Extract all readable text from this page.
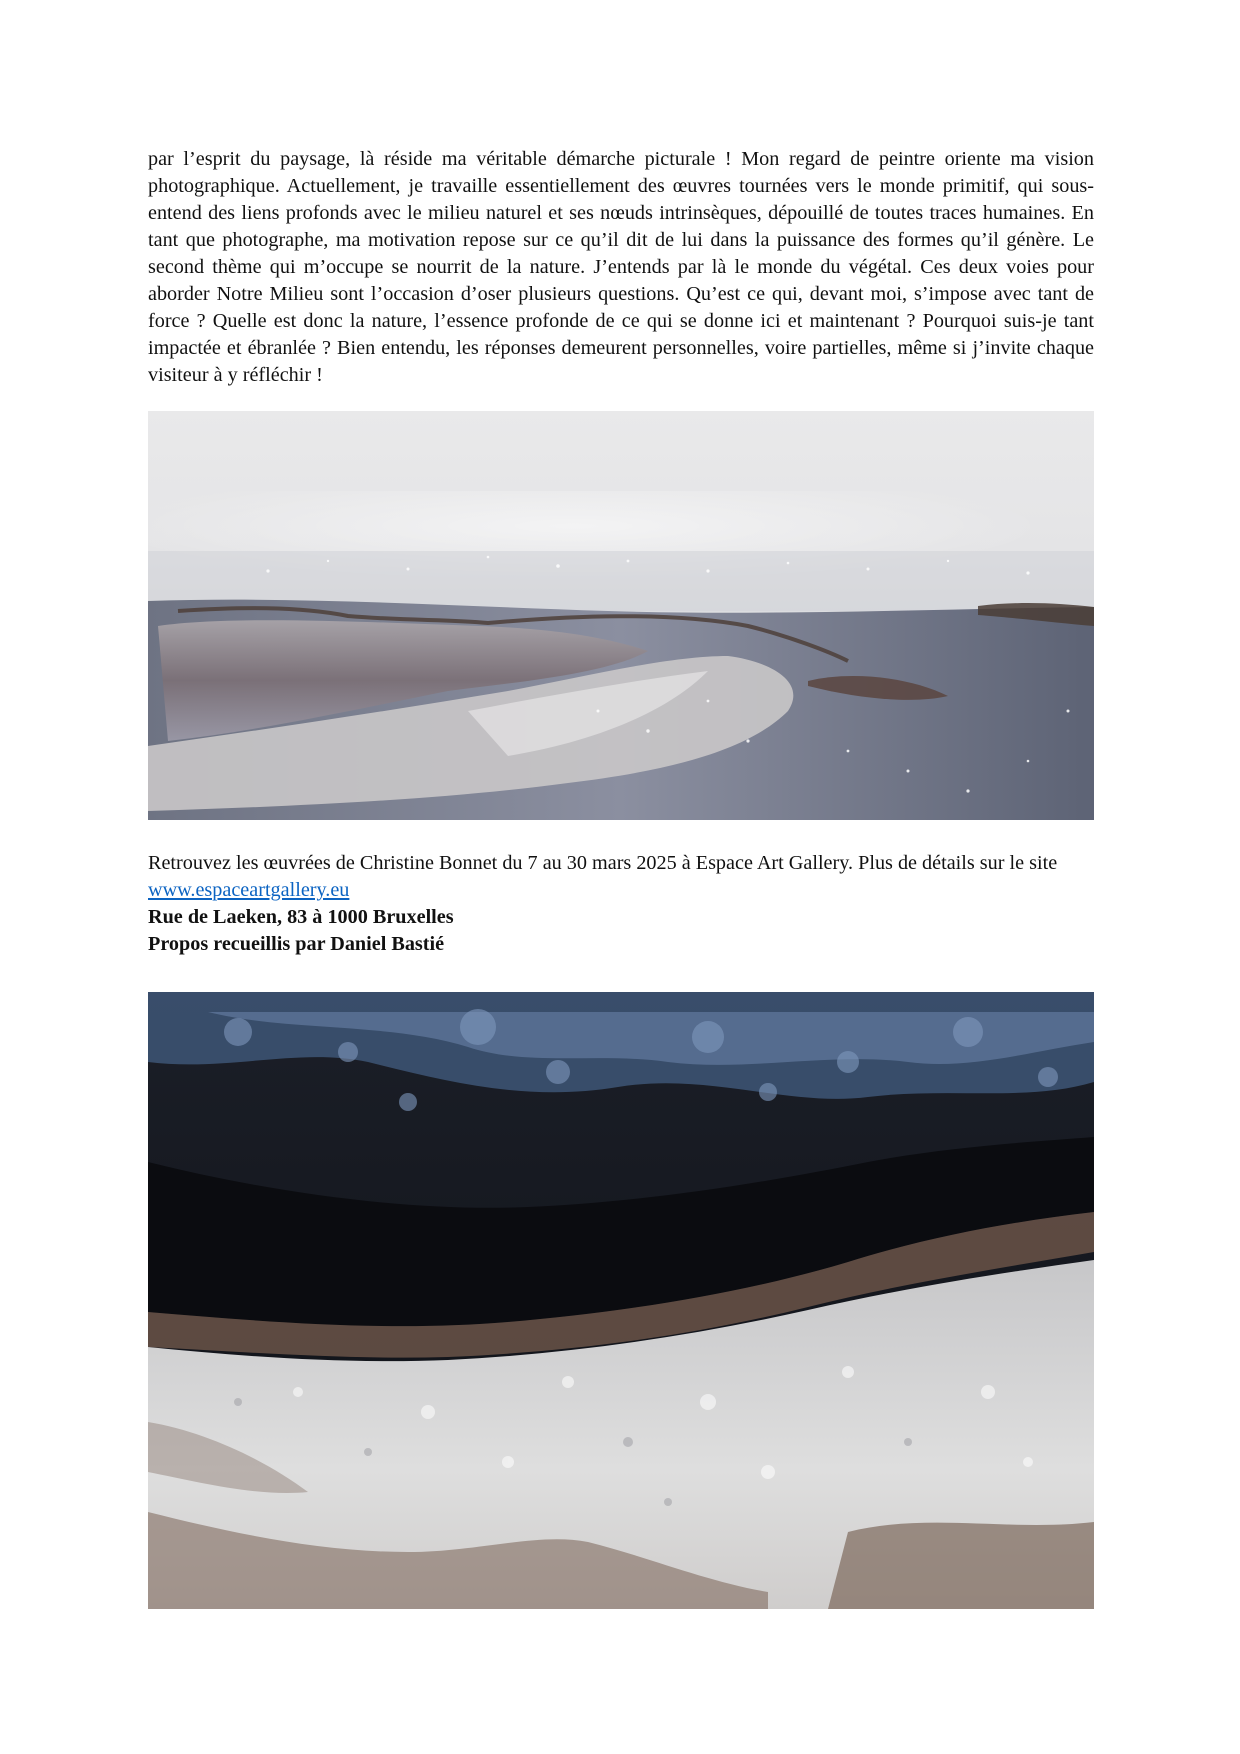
par l’esprit du paysage, là réside ma véritable démarche picturale ! Mon regard de peintre oriente ma vision photographique. Actuellement, je travaille essentiellement des œuvres tournées vers le monde primitif, qui sous-entend des liens profonds avec le milieu naturel et ses nœuds intrinsèques, dépouillé de toutes traces humaines. En tant que photographe, ma motivation repose sur ce qu’il dit de lui dans la puissance des formes qu’il génère. Le second thème qui m’occupe se nourrit de la nature. J’entends par là le monde du végétal. Ces deux voies pour aborder Notre Milieu sont l’occasion d’oser plusieurs questions. Qu’est ce qui, devant moi, s’impose avec tant de force ? Quelle est donc la nature, l’essence profonde de ce qui se donne ici et maintenant ? Pourquoi suis-je tant impactée et ébranlée ? Bien entendu, les réponses demeurent personnelles, voire partielles, même si j’invite chaque visiteur à y réfléchir !

Retrouvez les œuvrées de Christine Bonnet du 7 au 30 mars 2025 à Espace Art Gallery. Plus de détails sur le site www.espaceartgallery.eu
Rue de Laeken, 83 à 1000 Bruxelles
Propos recueillis par Daniel Bastié
